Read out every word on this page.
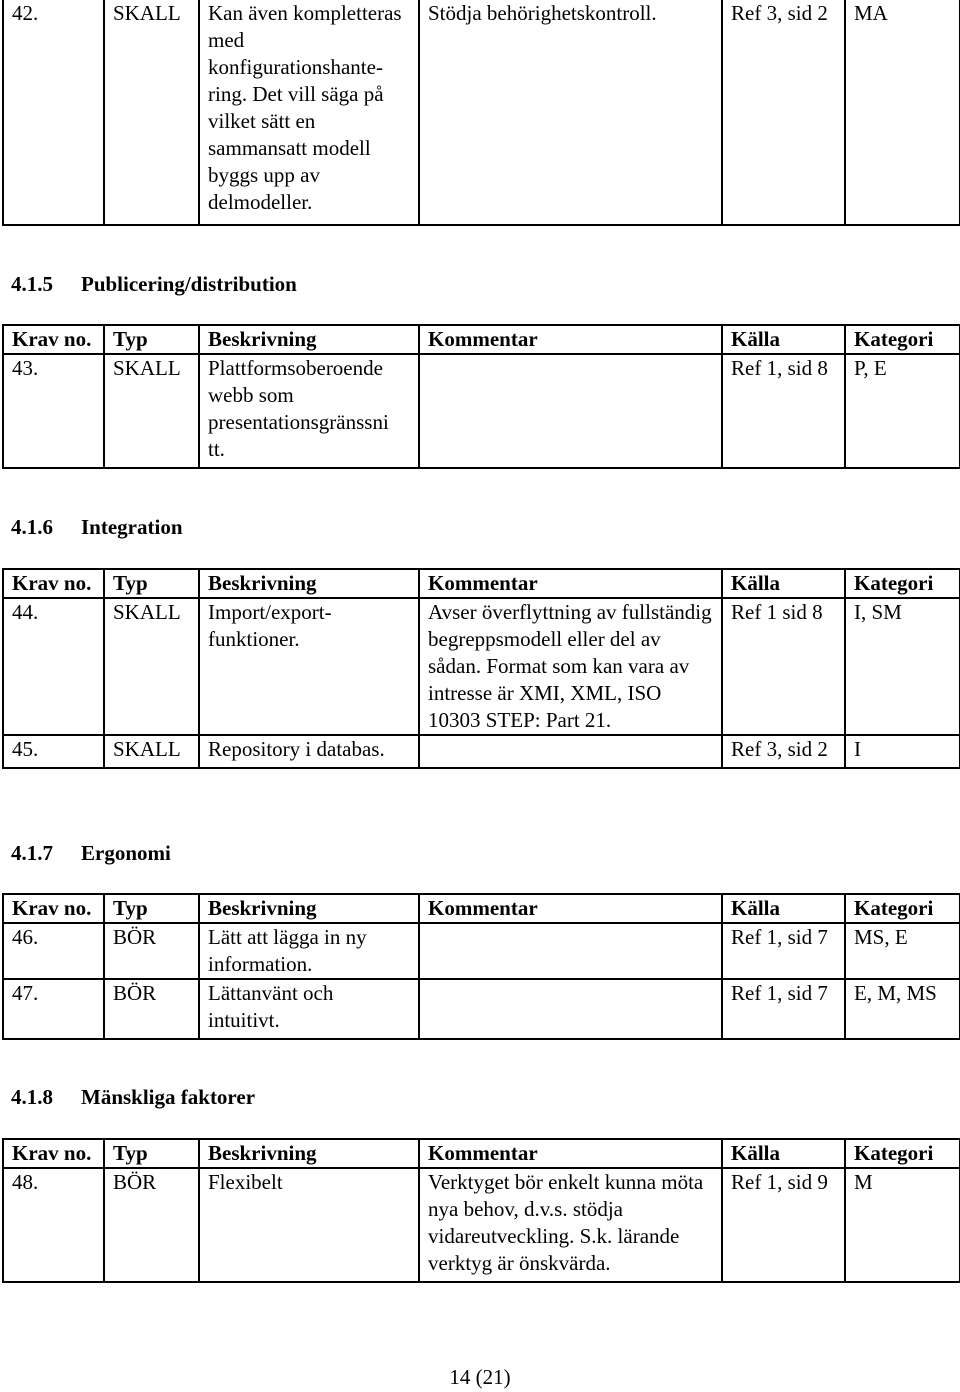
42.	SKALL	Kan även kompletteras med konfigurationshante-ring. Det vill säga på vilket sätt en sammansatt modell byggs upp av delmodeller.	Stödja behörighetskontroll.	Ref 3, sid 2	MA
4.1.5 Publicering/distribution
Krav no.	Typ	Beskrivning	Kommentar	Källa	Kategori
43.	SKALL	Plattformsoberoende webb som presentationsgränssni tt.		Ref 1, sid 8	P, E
4.1.6 Integration
Krav no.	Typ	Beskrivning	Kommentar	Källa	Kategori
44.	SKALL	Import/export-funktioner.	Avser överflyttning av fullständig begreppsmodell eller del av sådan. Format som kan vara av intresse är XMI, XML, ISO 10303 STEP: Part 21.	Ref 1 sid 8	I, SM
45.	SKALL	Repository i databas.		Ref 3, sid 2	I
4.1.7 Ergonomi
Krav no.	Typ	Beskrivning	Kommentar	Källa	Kategori
46.	BÖR	Lätt att lägga in ny information.		Ref 1, sid 7	MS, E
47.	BÖR	Lättanvänt och intuitivt.		Ref 1, sid 7	E, M, MS
4.1.8 Mänskliga faktorer
Krav no.	Typ	Beskrivning	Kommentar	Källa	Kategori
48.	BÖR	Flexibelt	Verktyget bör enkelt kunna möta nya behov, d.v.s. stödja vidareutveckling. S.k. lärande verktyg är önskvärda.	Ref 1, sid 9	M
14 (21)
